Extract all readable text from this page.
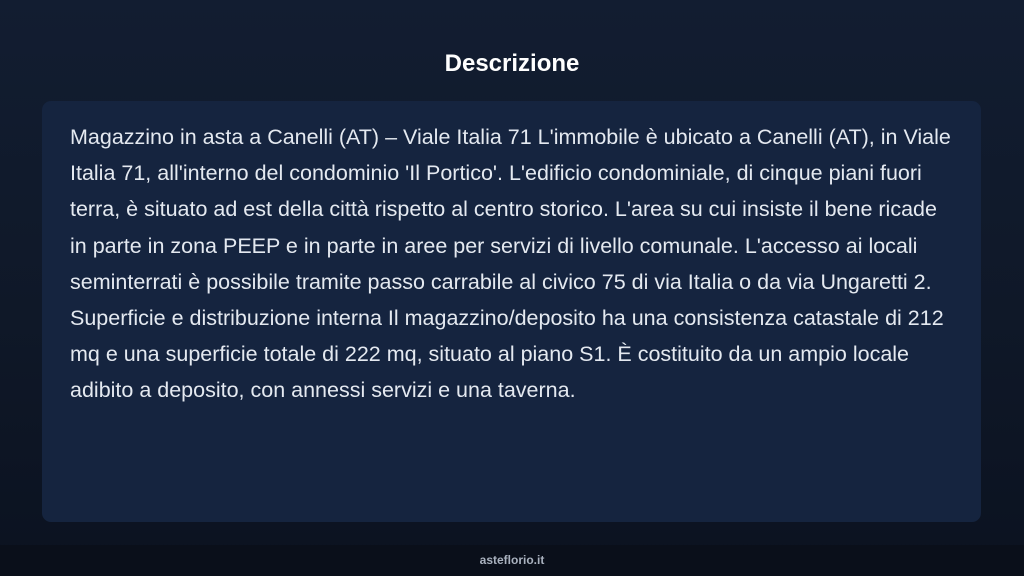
Descrizione

Magazzino in asta a Canelli (AT) – Viale Italia 71 L'immobile è ubicato a Canelli (AT), in Viale Italia 71, all'interno del condominio 'Il Portico'. L'edificio condominiale, di cinque piani fuori terra, è situato ad est della città rispetto al centro storico. L'area su cui insiste il bene ricade in parte in zona PEEP e in parte in aree per servizi di livello comunale. L'accesso ai locali seminterrati è possibile tramite passo carrabile al civico 75 di via Italia o da via Ungaretti 2. Superficie e distribuzione interna Il magazzino/deposito ha una consistenza catastale di 212 mq e una superficie totale di 222 mq, situato al piano S1. È costituito da un ampio locale adibito a deposito, con annessi servizi e una taverna.

asteflorio.it
